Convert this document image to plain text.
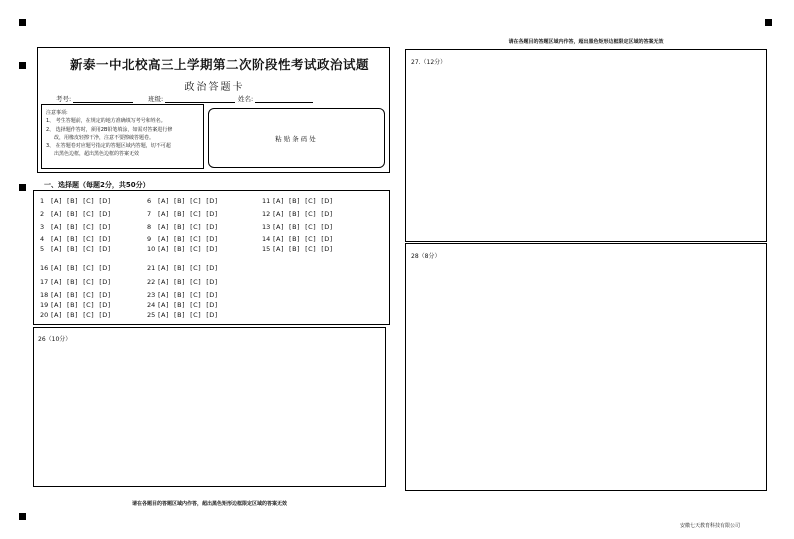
请在各题目的答题区域内作答，超出黑色矩形边框限定区域的答案无效
新泰一中北校高三上学期第二次阶段性考试政治试题
政治答题卡
考号:	班级:	姓名:
注意事项:
1、 考生答题前，在规定的地方准确填写考号和姓名。
2、 选择题作答时，须用2B铅笔填涂，如需对答案进行修
改，用橡皮轻擦干净，注意不要擦破答题卷。
3、 在答题卷对应题号指定的答题区域内答题，切不可超
出黑色边框，超出黑色边框的答案无效
粘贴条码处
一、选择题（每题2分，共50分）
1	[A] [B] [C] [D]
2	[A] [B] [C] [D]
3	[A] [B] [C] [D]
4	[A] [B] [C] [D]
5	[A] [B] [C] [D]
6	[A] [B] [C] [D]
7	[A] [B] [C] [D]
8	[A] [B] [C] [D]
9	[A] [B] [C] [D]
10 [A] [B] [C] [D]
11 [A] [B] [C] [D]
12 [A] [B] [C] [D]
13 [A] [B] [C] [D]
14 [A] [B] [C] [D]
15 [A] [B] [C] [D]
16 [A] [B] [C] [D]
17 [A] [B] [C] [D]
18 [A] [B] [C] [D]
19 [A] [B] [C] [D]
20 [A] [B] [C] [D]
21 [A] [B] [C] [D]
22 [A] [B] [C] [D]
23 [A] [B] [C] [D]
24 [A] [B] [C] [D]
25 [A] [B] [C] [D]
26（10分）
请在各题目的答题区域内作答，超出黑色矩形边框限定区域的答案无效
27.（12分）
28（8分）
安徽七天教育科技有限公司
